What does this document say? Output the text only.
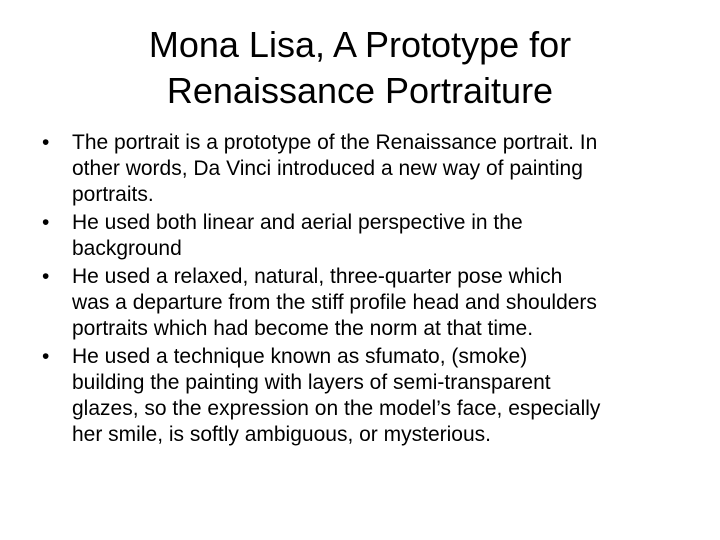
Mona Lisa, A Prototype for
Renaissance Portraiture
• The portrait is a prototype of the Renaissance portrait. In
other words, Da Vinci introduced a new way of painting
portraits.
• He used both linear and aerial perspective in the
background
• He used a relaxed, natural, three-quarter pose which
was a departure from the stiff profile head and shoulders
portraits which had become the norm at that time.
• He used a technique known as sfumato, (smoke)
building the painting with layers of semi-transparent
glazes, so the expression on the model’s face, especially
her smile, is softly ambiguous, or mysterious.
